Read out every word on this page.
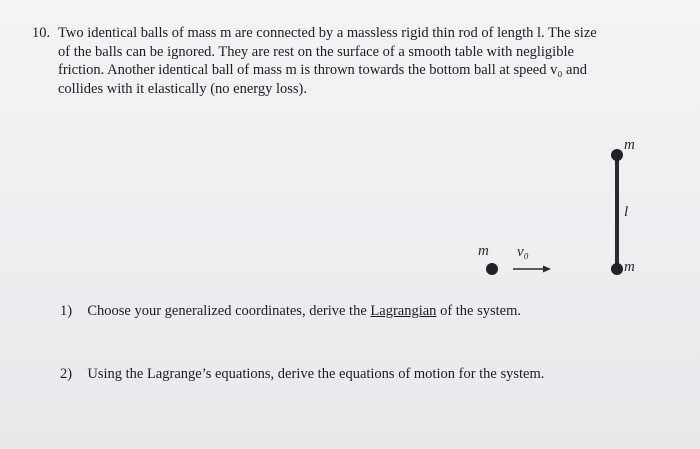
10. Two identical balls of mass m are connected by a massless rigid thin rod of length l. The size
of the balls can be ignored. They are rest on the surface of a smooth table with negligible
friction. Another identical ball of mass m is thrown towards the bottom ball at speed v₀ and
collides with it elastically (no energy loss).
m
l
m
m v₀
1) Choose your generalized coordinates, derive the Lagrangian of the system.
2) Using the Lagrange’s equations, derive the equations of motion for the system.
